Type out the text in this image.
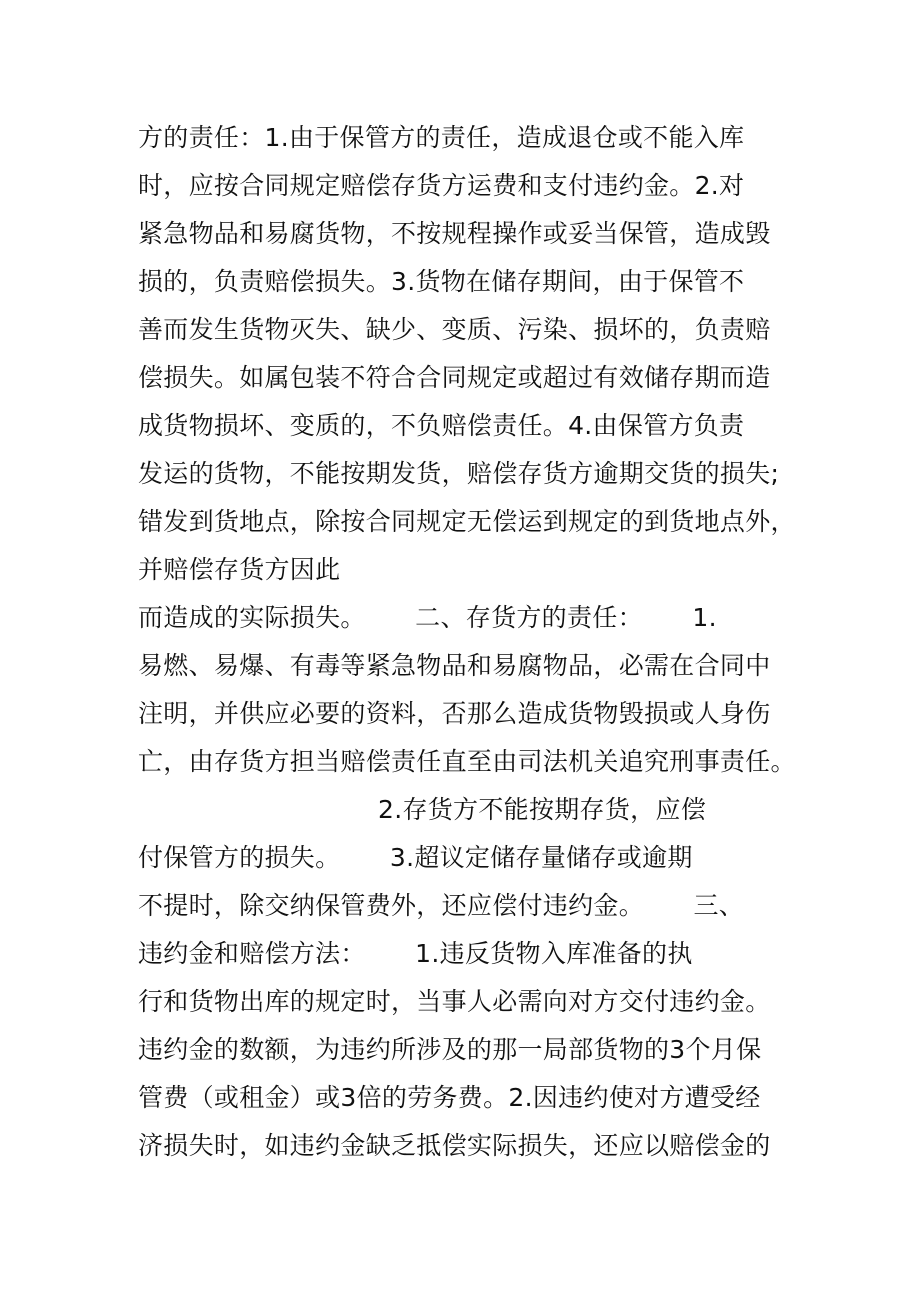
方的责任：1.由于保管方的责任，造成退仓或不能入库
时，应按合同规定赔偿存货方运费和支付违约金。2.对
紧急物品和易腐货物，不按规程操作或妥当保管，造成毁
损的，负责赔偿损失。3.货物在储存期间，由于保管不
善而发生货物灭失、缺少、变质、污染、损坏的，负责赔
偿损失。如属包装不符合合同规定或超过有效储存期而造
成货物损坏、变质的，不负赔偿责任。4.由保管方负责
发运的货物，不能按期发货，赔偿存货方逾期交货的损失;
错发到货地点，除按合同规定无偿运到规定的到货地点外，
并赔偿存货方因此
而造成的实际损失。      二、存货方的责任：      1.
易燃、易爆、有毒等紧急物品和易腐物品，必需在合同中
注明，并供应必要的资料，否那么造成货物毁损或人身伤
亡，由存货方担当赔偿责任直至由司法机关追究刑事责任。
2.存货方不能按期存货，应偿
付保管方的损失。      3.超议定储存量储存或逾期
不提时，除交纳保管费外，还应偿付违约金。      三、
违约金和赔偿方法：      1.违反货物入库准备的执
行和货物出库的规定时，当事人必需向对方交付违约金。
违约金的数额，为违约所涉及的那一局部货物的3个月保
管费（或租金）或3倍的劳务费。2.因违约使对方遭受经
济损失时，如违约金缺乏抵偿实际损失，还应以赔偿金的
